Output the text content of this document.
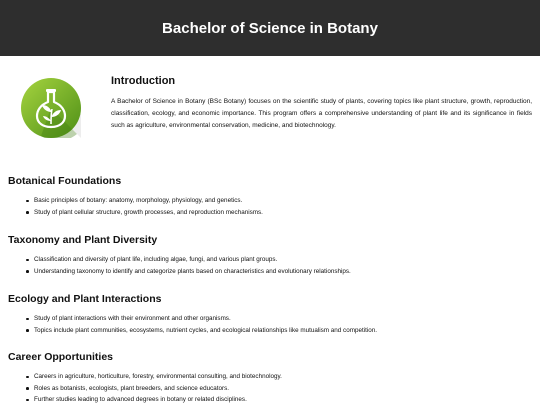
Bachelor of Science in Botany
Introduction

A Bachelor of Science in Botany (BSc Botany) focuses on the scientific study of plants, covering topics like plant structure, growth, reproduction, classification, ecology, and economic importance. This program offers a comprehensive understanding of plant life and its significance in fields such as agriculture, environmental conservation, medicine, and biotechnology.

Botanical Foundations
Basic principles of botany: anatomy, morphology, physiology, and genetics.
Study of plant cellular structure, growth processes, and reproduction mechanisms.
Taxonomy and Plant Diversity
Classification and diversity of plant life, including algae, fungi, and various plant groups.
Understanding taxonomy to identify and categorize plants based on characteristics and evolutionary relationships.
Ecology and Plant Interactions
Study of plant interactions with their environment and other organisms.
Topics include plant communities, ecosystems, nutrient cycles, and ecological relationships like mutualism and competition.
Career Opportunities
Careers in agriculture, horticulture, forestry, environmental consulting, and biotechnology.
Roles as botanists, ecologists, plant breeders, and science educators.
Further studies leading to advanced degrees in botany or related disciplines.
